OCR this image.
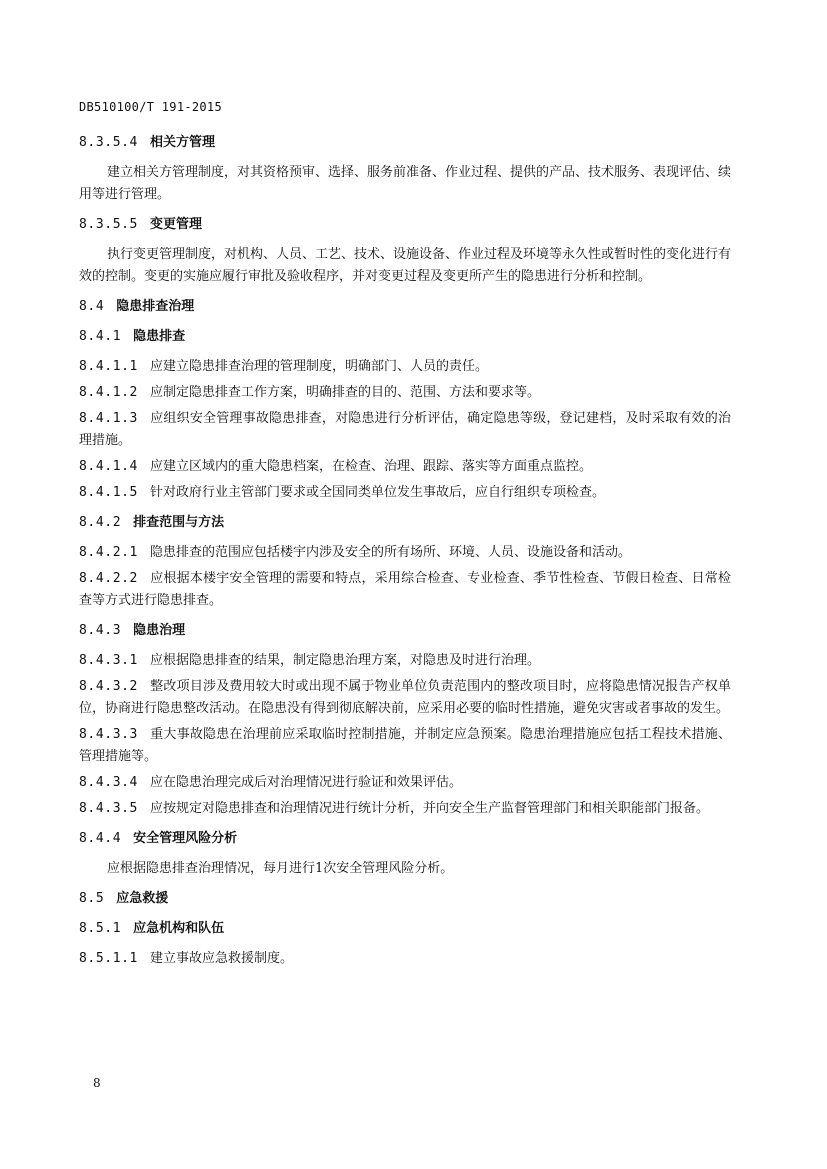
DB510100/T 191-2015

8.3.5.4 相关方管理

建立相关方管理制度，对其资格预审、选择、服务前准备、作业过程、提供的产品、技术服务、表现评估、续用等进行管理。

8.3.5.5 变更管理

执行变更管理制度，对机构、人员、工艺、技术、设施设备、作业过程及环境等永久性或暂时性的变化进行有效的控制。变更的实施应履行审批及验收程序，并对变更过程及变更所产生的隐患进行分析和控制。

8.4 隐患排查治理

8.4.1 隐患排查

8.4.1.1 应建立隐患排查治理的管理制度，明确部门、人员的责任。

8.4.1.2 应制定隐患排查工作方案，明确排查的目的、范围、方法和要求等。

8.4.1.3 应组织安全管理事故隐患排查，对隐患进行分析评估，确定隐患等级，登记建档，及时采取有效的治理措施。

8.4.1.4 应建立区域内的重大隐患档案，在检查、治理、跟踪、落实等方面重点监控。

8.4.1.5 针对政府行业主管部门要求或全国同类单位发生事故后，应自行组织专项检查。

8.4.2 排查范围与方法

8.4.2.1 隐患排查的范围应包括楼宇内涉及安全的所有场所、环境、人员、设施设备和活动。

8.4.2.2 应根据本楼宇安全管理的需要和特点，采用综合检查、专业检查、季节性检查、节假日检查、日常检查等方式进行隐患排查。

8.4.3 隐患治理

8.4.3.1 应根据隐患排查的结果，制定隐患治理方案，对隐患及时进行治理。

8.4.3.2 整改项目涉及费用较大时或出现不属于物业单位负责范围内的整改项目时，应将隐患情况报告产权单位，协商进行隐患整改活动。在隐患没有得到彻底解决前，应采用必要的临时性措施，避免灾害或者事故的发生。

8.4.3.3 重大事故隐患在治理前应采取临时控制措施，并制定应急预案。隐患治理措施应包括工程技术措施、管理措施等。

8.4.3.4 应在隐患治理完成后对治理情况进行验证和效果评估。

8.4.3.5 应按规定对隐患排查和治理情况进行统计分析，并向安全生产监督管理部门和相关职能部门报备。

8.4.4 安全管理风险分析

应根据隐患排查治理情况，每月进行1次安全管理风险分析。

8.5 应急救援

8.5.1 应急机构和队伍

8.5.1.1 建立事故应急救援制度。

8
